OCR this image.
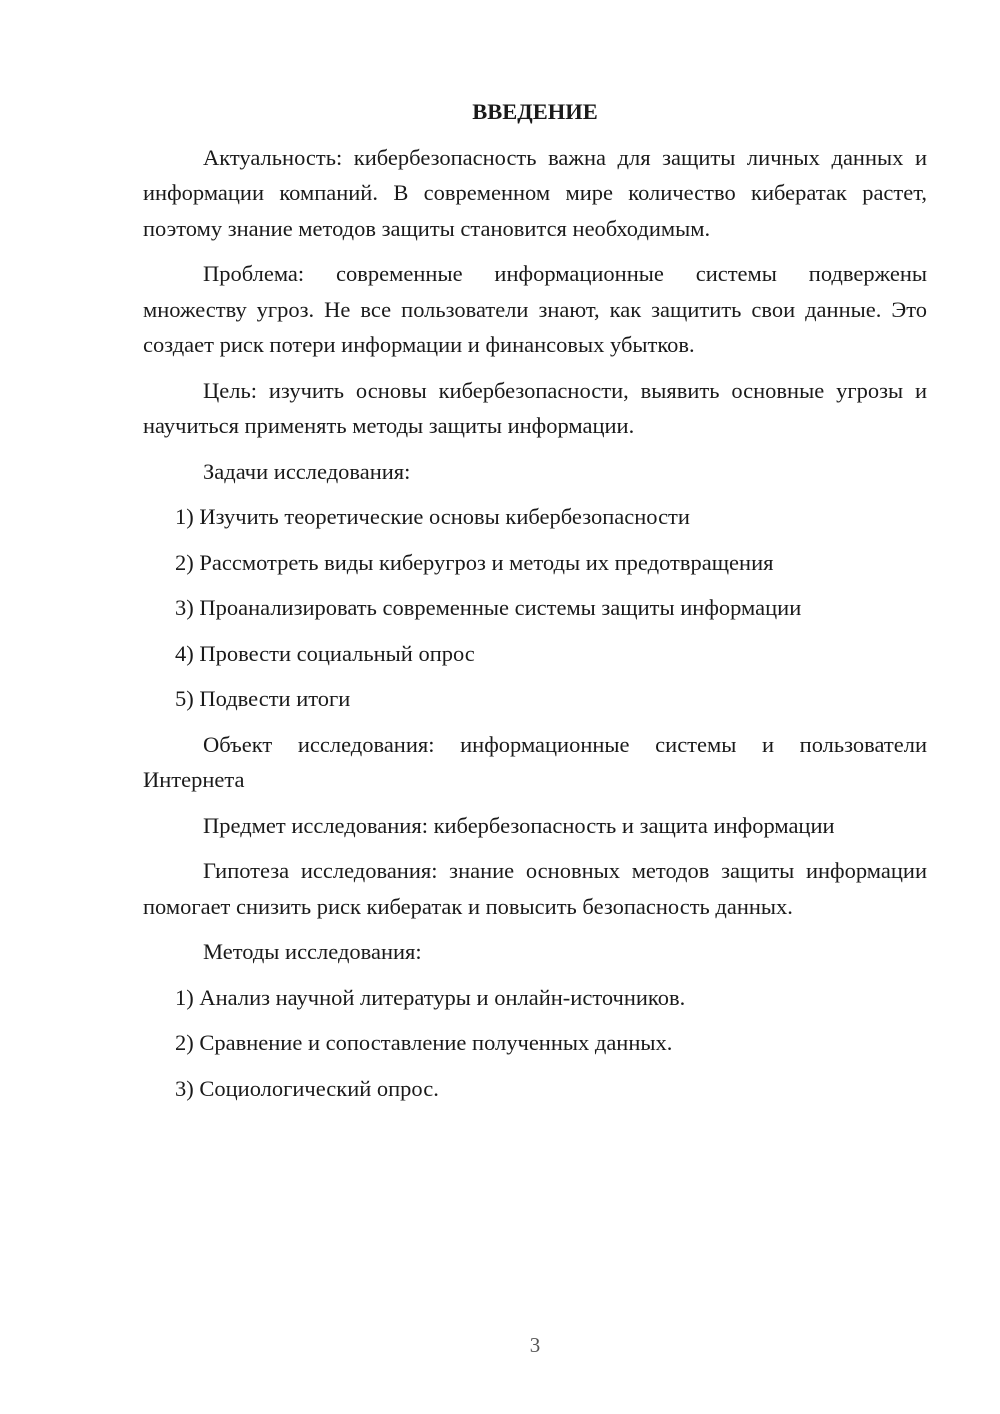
ВВЕДЕНИЕ

Актуальность: кибербезопасность важна для защиты личных данных и информации компаний. В современном мире количество кибератак растет, поэтому знание методов защиты становится необходимым.

Проблема: современные информационные системы подвержены множеству угроз. Не все пользователи знают, как защитить свои данные. Это создает риск потери информации и финансовых убытков.

Цель: изучить основы кибербезопасности, выявить основные угрозы и научиться применять методы защиты информации.

Задачи исследования:
1) Изучить теоретические основы кибербезопасности
2) Рассмотреть виды киберугроз и методы их предотвращения
3) Проанализировать современные системы защиты информации
4) Провести социальный опрос
5) Подвести итоги

Объект исследования: информационные системы и пользователи Интернета

Предмет исследования: кибербезопасность и защита информации

Гипотеза исследования: знание основных методов защиты информации помогает снизить риск кибератак и повысить безопасность данных.

Методы исследования:
1) Анализ научной литературы и онлайн-источников.
2) Сравнение и сопоставление полученных данных.
3) Социологический опрос.
3
